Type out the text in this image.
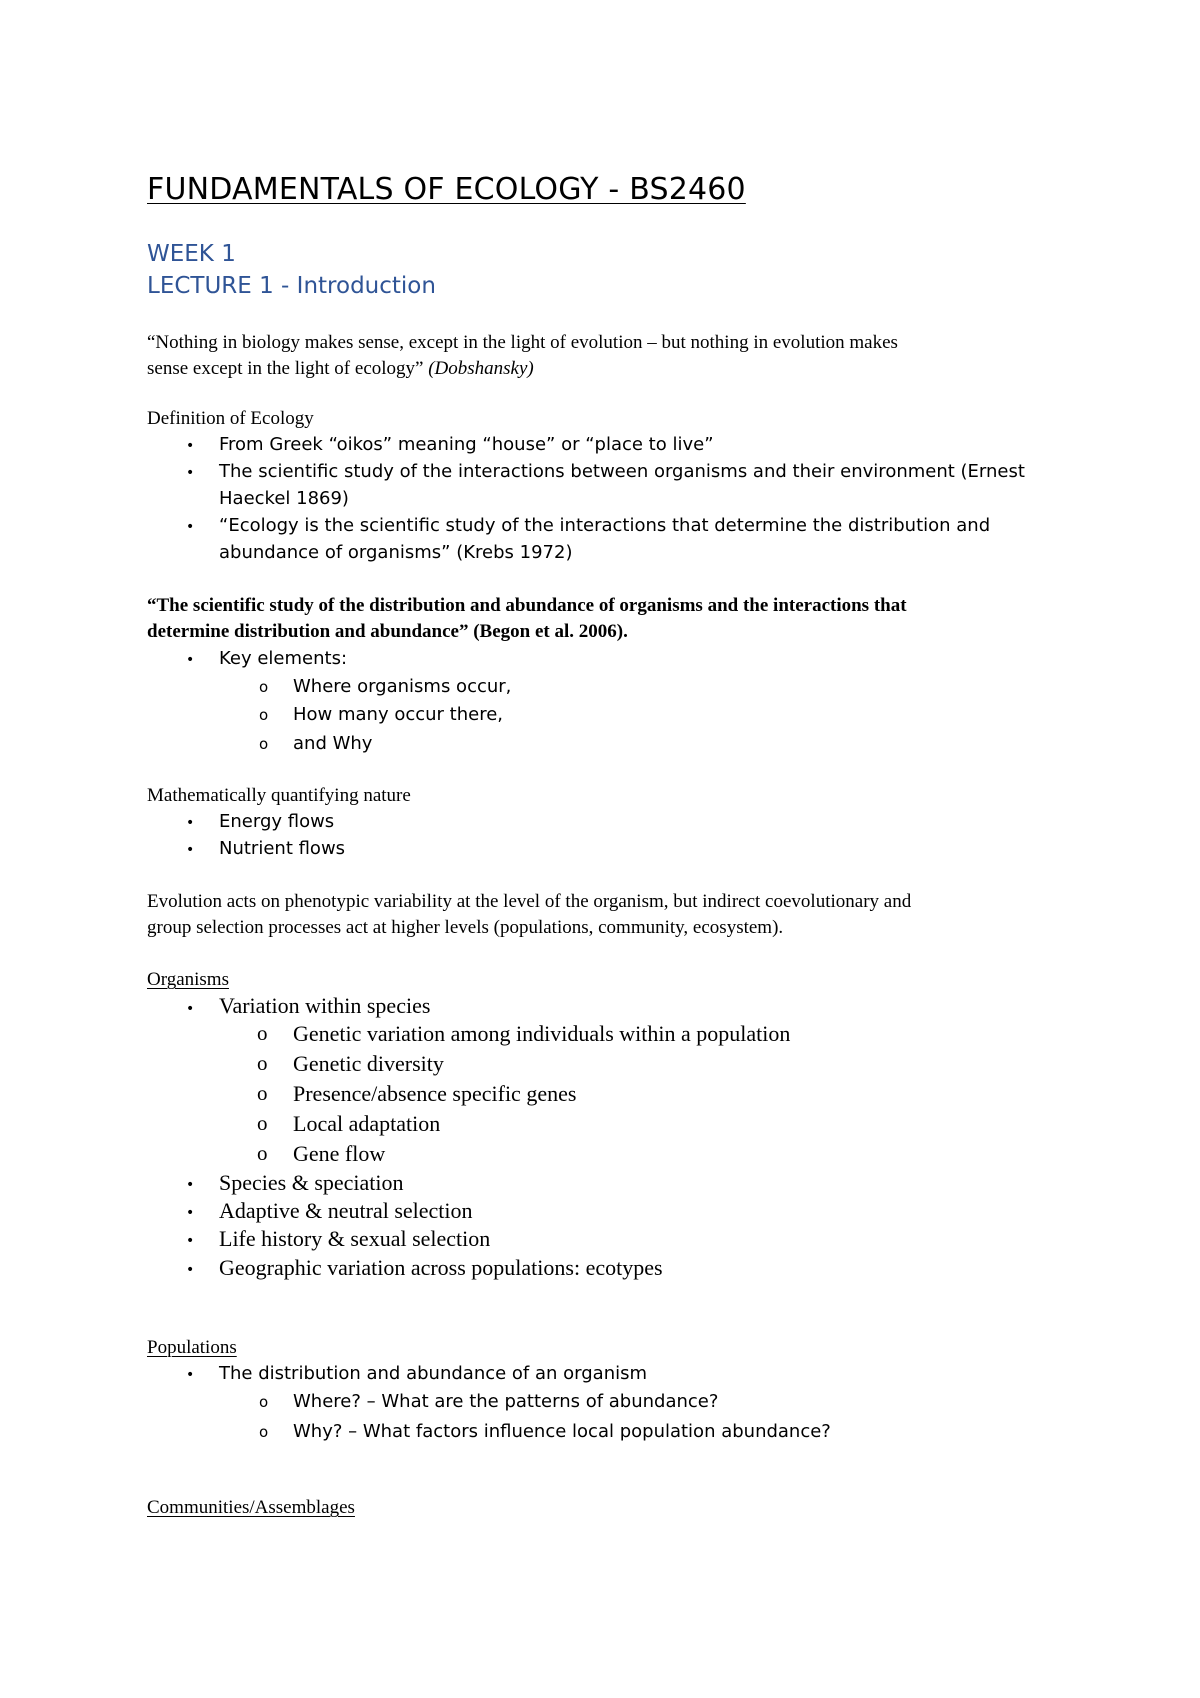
FUNDAMENTALS OF ECOLOGY - BS2460
WEEK 1
LECTURE 1 - Introduction
“Nothing in biology makes sense, except in the light of evolution – but nothing in evolution makes
sense except in the light of ecology” (Dobshansky)
Definition of Ecology
• From Greek “oikos” meaning “house” or “place to live”
• The scientific study of the interactions between organisms and their environment (Ernest
Haeckel 1869)
• “Ecology is the scientific study of the interactions that determine the distribution and
abundance of organisms” (Krebs 1972)
“The scientific study of the distribution and abundance of organisms and the interactions that
determine distribution and abundance” (Begon et al. 2006).
• Key elements:
o Where organisms occur,
o How many occur there,
o and Why
Mathematically quantifying nature
• Energy flows
• Nutrient flows
Evolution acts on phenotypic variability at the level of the organism, but indirect coevolutionary and
group selection processes act at higher levels (populations, community, ecosystem).
Organisms
• Variation within species
o Genetic variation among individuals within a population
o Genetic diversity
o Presence/absence specific genes
o Local adaptation
o Gene flow
• Species & speciation
• Adaptive & neutral selection
• Life history & sexual selection
• Geographic variation across populations: ecotypes
Populations
• The distribution and abundance of an organism
o Where? – What are the patterns of abundance?
o Why? – What factors influence local population abundance?
Communities/Assemblages
